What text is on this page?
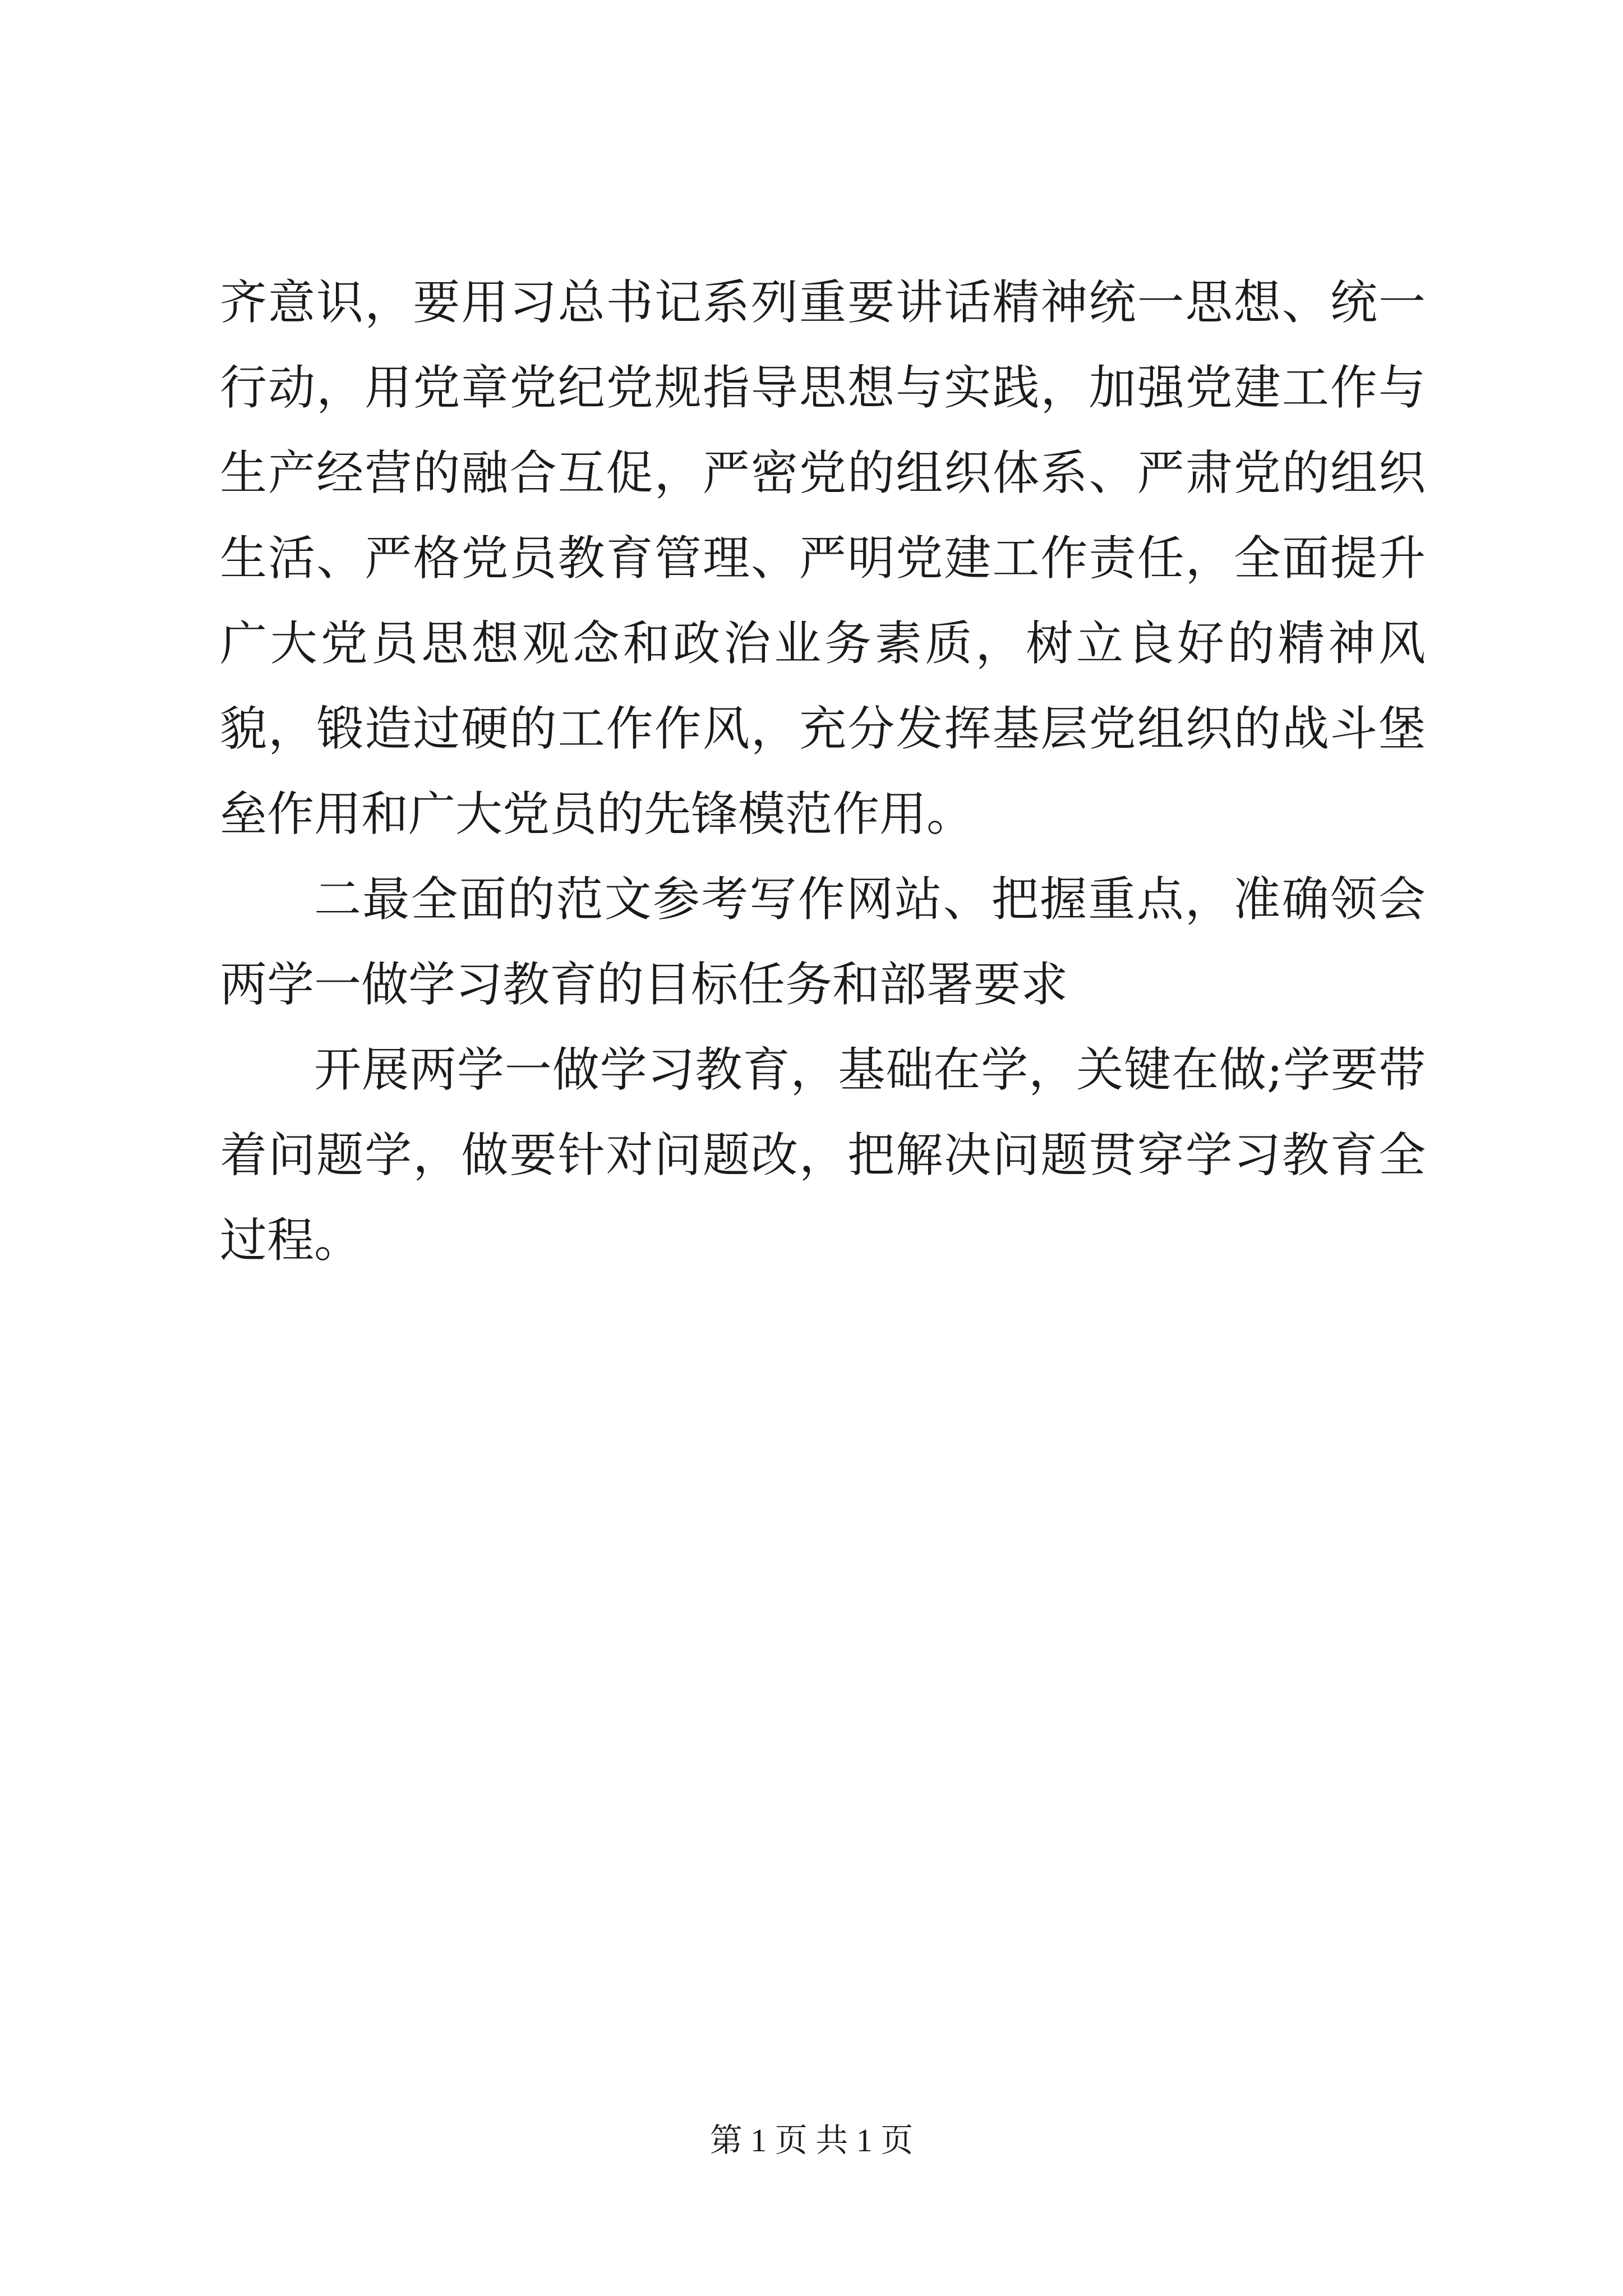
齐意识，要用习总书记系列重要讲话精神统一思想、统一行动，用党章党纪党规指导思想与实践，加强党建工作与生产经营的融合互促，严密党的组织体系、严肃党的组织生活、严格党员教育管理、严明党建工作责任，全面提升广大党员思想观念和政治业务素质，树立良好的精神风貌，锻造过硬的工作作风，充分发挥基层党组织的战斗堡垒作用和广大党员的先锋模范作用。

二最全面的范文参考写作网站、把握重点，准确领会两学一做学习教育的目标任务和部署要求

开展两学一做学习教育，基础在学，关键在做;学要带着问题学，做要针对问题改，把解决问题贯穿学习教育全过程。

第 1 页 共 1 页
